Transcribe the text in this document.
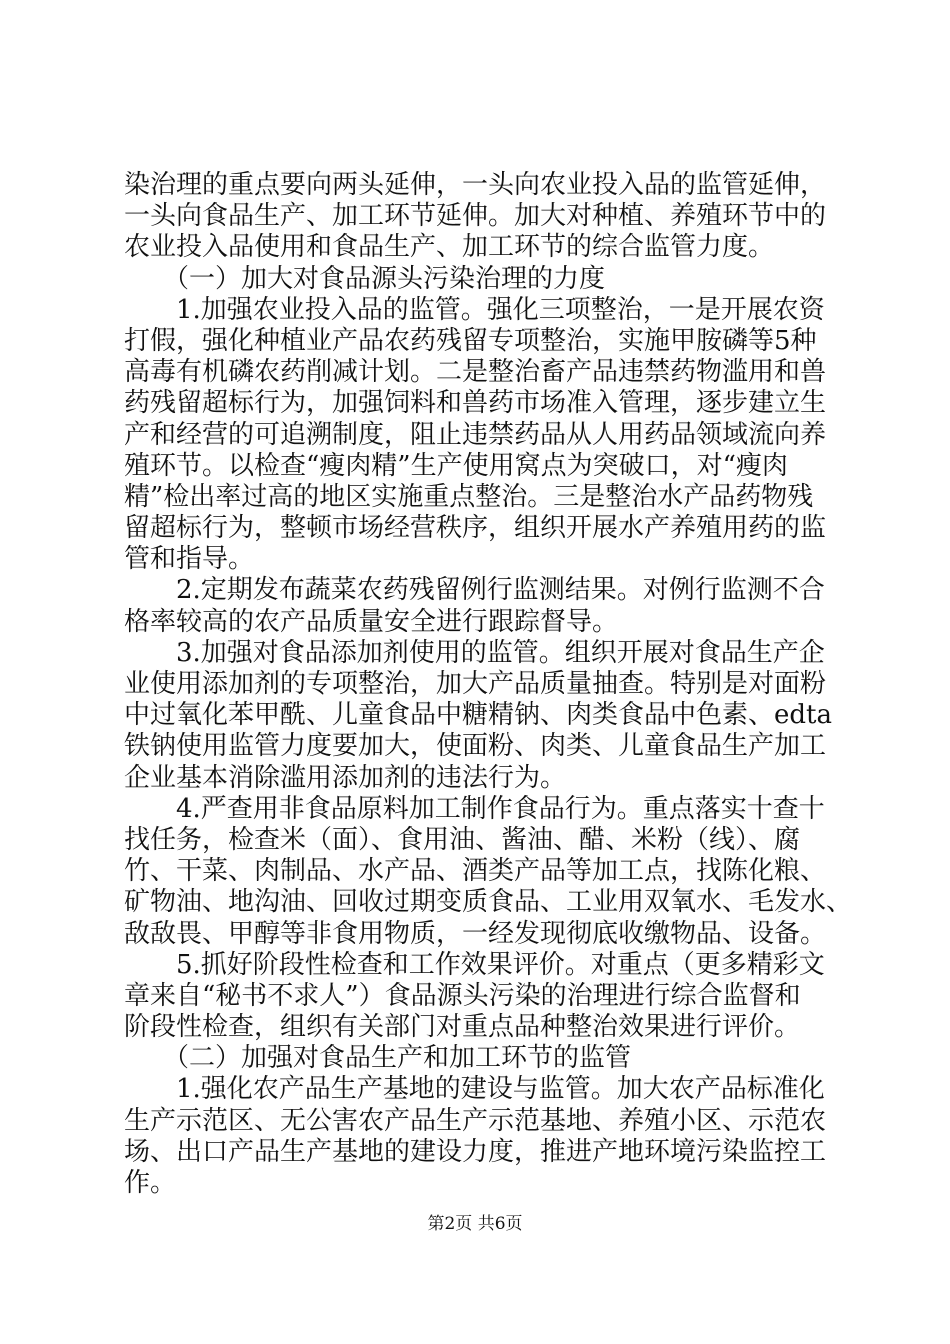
染治理的重点要向两头延伸，一头向农业投入品的监管延伸，
一头向食品生产、加工环节延伸。加大对种植、养殖环节中的
农业投入品使用和食品生产、加工环节的综合监管力度。
　　（一）加大对食品源头污染治理的力度
　　1.加强农业投入品的监管。强化三项整治，一是开展农资
打假，强化种植业产品农药残留专项整治，实施甲胺磷等5种
高毒有机磷农药削减计划。二是整治畜产品违禁药物滥用和兽
药残留超标行为，加强饲料和兽药市场准入管理，逐步建立生
产和经营的可追溯制度，阻止违禁药品从人用药品领域流向养
殖环节。以检查“瘦肉精”生产使用窝点为突破口，对“瘦肉
精”检出率过高的地区实施重点整治。三是整治水产品药物残
留超标行为，整顿市场经营秩序，组织开展水产养殖用药的监
管和指导。
　　2.定期发布蔬菜农药残留例行监测结果。对例行监测不合
格率较高的农产品质量安全进行跟踪督导。
　　3.加强对食品添加剂使用的监管。组织开展对食品生产企
业使用添加剂的专项整治，加大产品质量抽查。特别是对面粉
中过氧化苯甲酰、儿童食品中糖精钠、肉类食品中色素、edta
铁钠使用监管力度要加大，使面粉、肉类、儿童食品生产加工
企业基本消除滥用添加剂的违法行为。
　　4.严查用非食品原料加工制作食品行为。重点落实十查十
找任务，检查米（面）、食用油、酱油、醋、米粉（线）、腐
竹、干菜、肉制品、水产品、酒类产品等加工点，找陈化粮、
矿物油、地沟油、回收过期变质食品、工业用双氧水、毛发水、
敌敌畏、甲醇等非食用物质，一经发现彻底收缴物品、设备。
　　5.抓好阶段性检查和工作效果评价。对重点（更多精彩文
章来自“秘书不求人”）食品源头污染的治理进行综合监督和
阶段性检查，组织有关部门对重点品种整治效果进行评价。
　　（二）加强对食品生产和加工环节的监管
　　1.强化农产品生产基地的建设与监管。加大农产品标准化
生产示范区、无公害农产品生产示范基地、养殖小区、示范农
场、出口产品生产基地的建设力度，推进产地环境污染监控工
作。
第2页 共6页
